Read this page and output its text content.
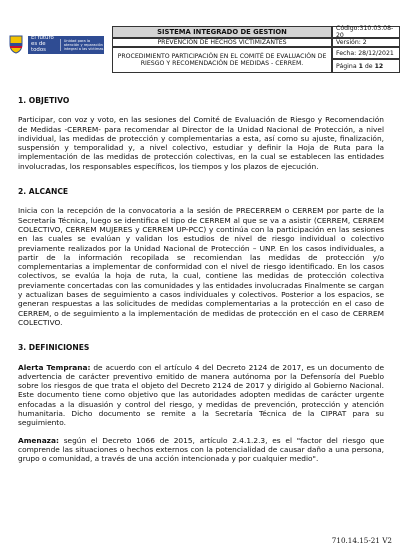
El futuro es de todos
Unidad para la atención y reparación integral a las víctimas
SISTEMA INTEGRADO DE GESTION	Código:310.03.08-20
PREVENCIÓN DE HECHOS VICTIMIZANTES	Versión: 2
PROCEDIMIENTO PARTICIPACIÓN EN EL COMITÉ DE EVALUACIÓN DE RIESGO Y RECOMENDACIÓN DE MEDIDAS - CERREM.
Fecha: 28/12/2021
Página
1
de
12
1. OBJETIVO

Participar, con voz y voto, en las sesiones del Comité de Evaluación de Riesgo y Recomendación de Medidas -CERREM- para recomendar al Director de la Unidad Nacional de Protección, a nivel individual, las medidas de protección y complementarias a esta, así como su ajuste, finalización, suspensión y temporalidad y, a nivel colectivo, estudiar y definir la Hoja de Ruta para la implementación de las medidas de protección colectivas, en la cual se establecen las entidades involucradas, los responsables específicos, los tiempos y los plazos de ejecución.

2. ALCANCE

Inicia con la recepción de la convocatoria a la sesión de PRECERREM o CERREM por parte de la Secretaría Técnica, luego se identifica el tipo de CERREM al que se va a asistir (CERREM, CERREM COLECTIVO, CERREM MUJERES y CERREM UP-PCC) y continúa con la participación en las sesiones en las cuales se evalúan y validan los estudios de nivel de riesgo individual o colectivo previamente realizados por la Unidad Nacional de Protección – UNP. En los casos individuales, a partir de la información recopilada se recomiendan las medidas de protección y/o complementarias a implementar de conformidad con el nivel de riesgo identificado. En los casos colectivos, se evalúa la hoja de ruta, la cual, contiene las medidas de protección colectiva previamente concertadas con las comunidades y las entidades involucradas Finalmente se cargan y actualizan bases de seguimiento a casos individuales y colectivos. Posterior a los espacios, se generan respuestas a las solicitudes de medidas complementarias a la protección en el caso de CERREM, o de seguimiento a la implementación de medidas de protección en el caso de CERREM COLECTIVO.

3. DEFINICIONES

Alerta Temprana: de acuerdo con el artículo 4 del Decreto 2124 de 2017, es un documento de advertencia de carácter preventivo emitido de manera autónoma por la Defensoría del Pueblo sobre los riesgos de que trata el objeto del Decreto 2124 de 2017 y dirigido al Gobierno Nacional. Este documento tiene como objetivo que las autoridades adopten medidas de carácter urgente enfocadas a la disuasión y control del riesgo, y medidas de prevención, protección y atención humanitaria. Dicho documento se remite a la Secretaría Técnica de la CIPRAT para su seguimiento.

Amenaza: según el Decreto 1066 de 2015, artículo 2.4.1.2.3, es el "factor del riesgo que comprende las situaciones o hechos externos con la potencialidad de causar daño a una persona, grupo o comunidad, a través de una acción intencionada y por cualquier medio".

710.14.15-21 V2
